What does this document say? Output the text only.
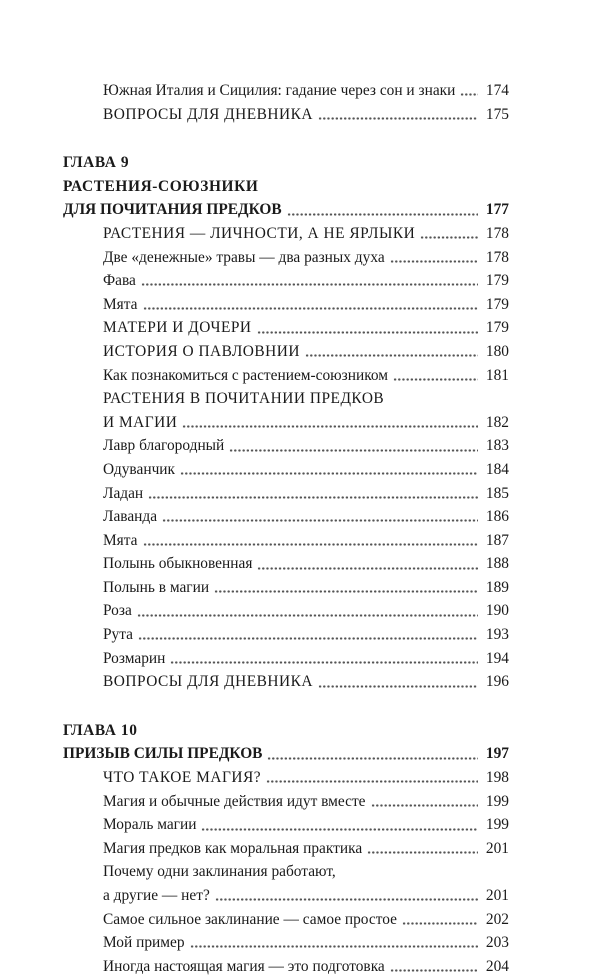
Южная Италия и Сицилия: гадание через сон и знаки 174
ВОПРОСЫ ДЛЯ ДНЕВНИКА	175
ГЛАВА 9
РАСТЕНИЯ-СОЮЗНИКИ
ДЛЯ ПОЧИТАНИЯ ПРЕДКОВ	177
РАСТЕНИЯ — ЛИЧНОСТИ, А НЕ ЯРЛЫКИ	178
Две «денежные» травы — два разных духа	178
Фава	179
Мята	179
МАТЕРИ И ДОЧЕРИ	179
ИСТОРИЯ О ПАВЛОВНИИ	180
Как познакомиться с растением-союзником	181
РАСТЕНИЯ В ПОЧИТАНИИ ПРЕДКОВ
И МАГИИ	182
Лавр благородный	183
Одуванчик	184
Ладан	185
Лаванда	186
Мята	187
Полынь обыкновенная	188
Полынь в магии	189
Роза	190
Рута	193
Розмарин	194
ВОПРОСЫ ДЛЯ ДНЕВНИКА	196
ГЛАВА 10
ПРИЗЫВ СИЛЫ ПРЕДКОВ	197
ЧТО ТАКОЕ МАГИЯ?	198
Магия и обычные действия идут вместе	199
Мораль магии	199
Магия предков как моральная практика	201
Почему одни заклинания работают,
а другие — нет?	201
Самое сильное заклинание — самое простое	202
Мой пример	203
Иногда настоящая магия — это подготовка	204
